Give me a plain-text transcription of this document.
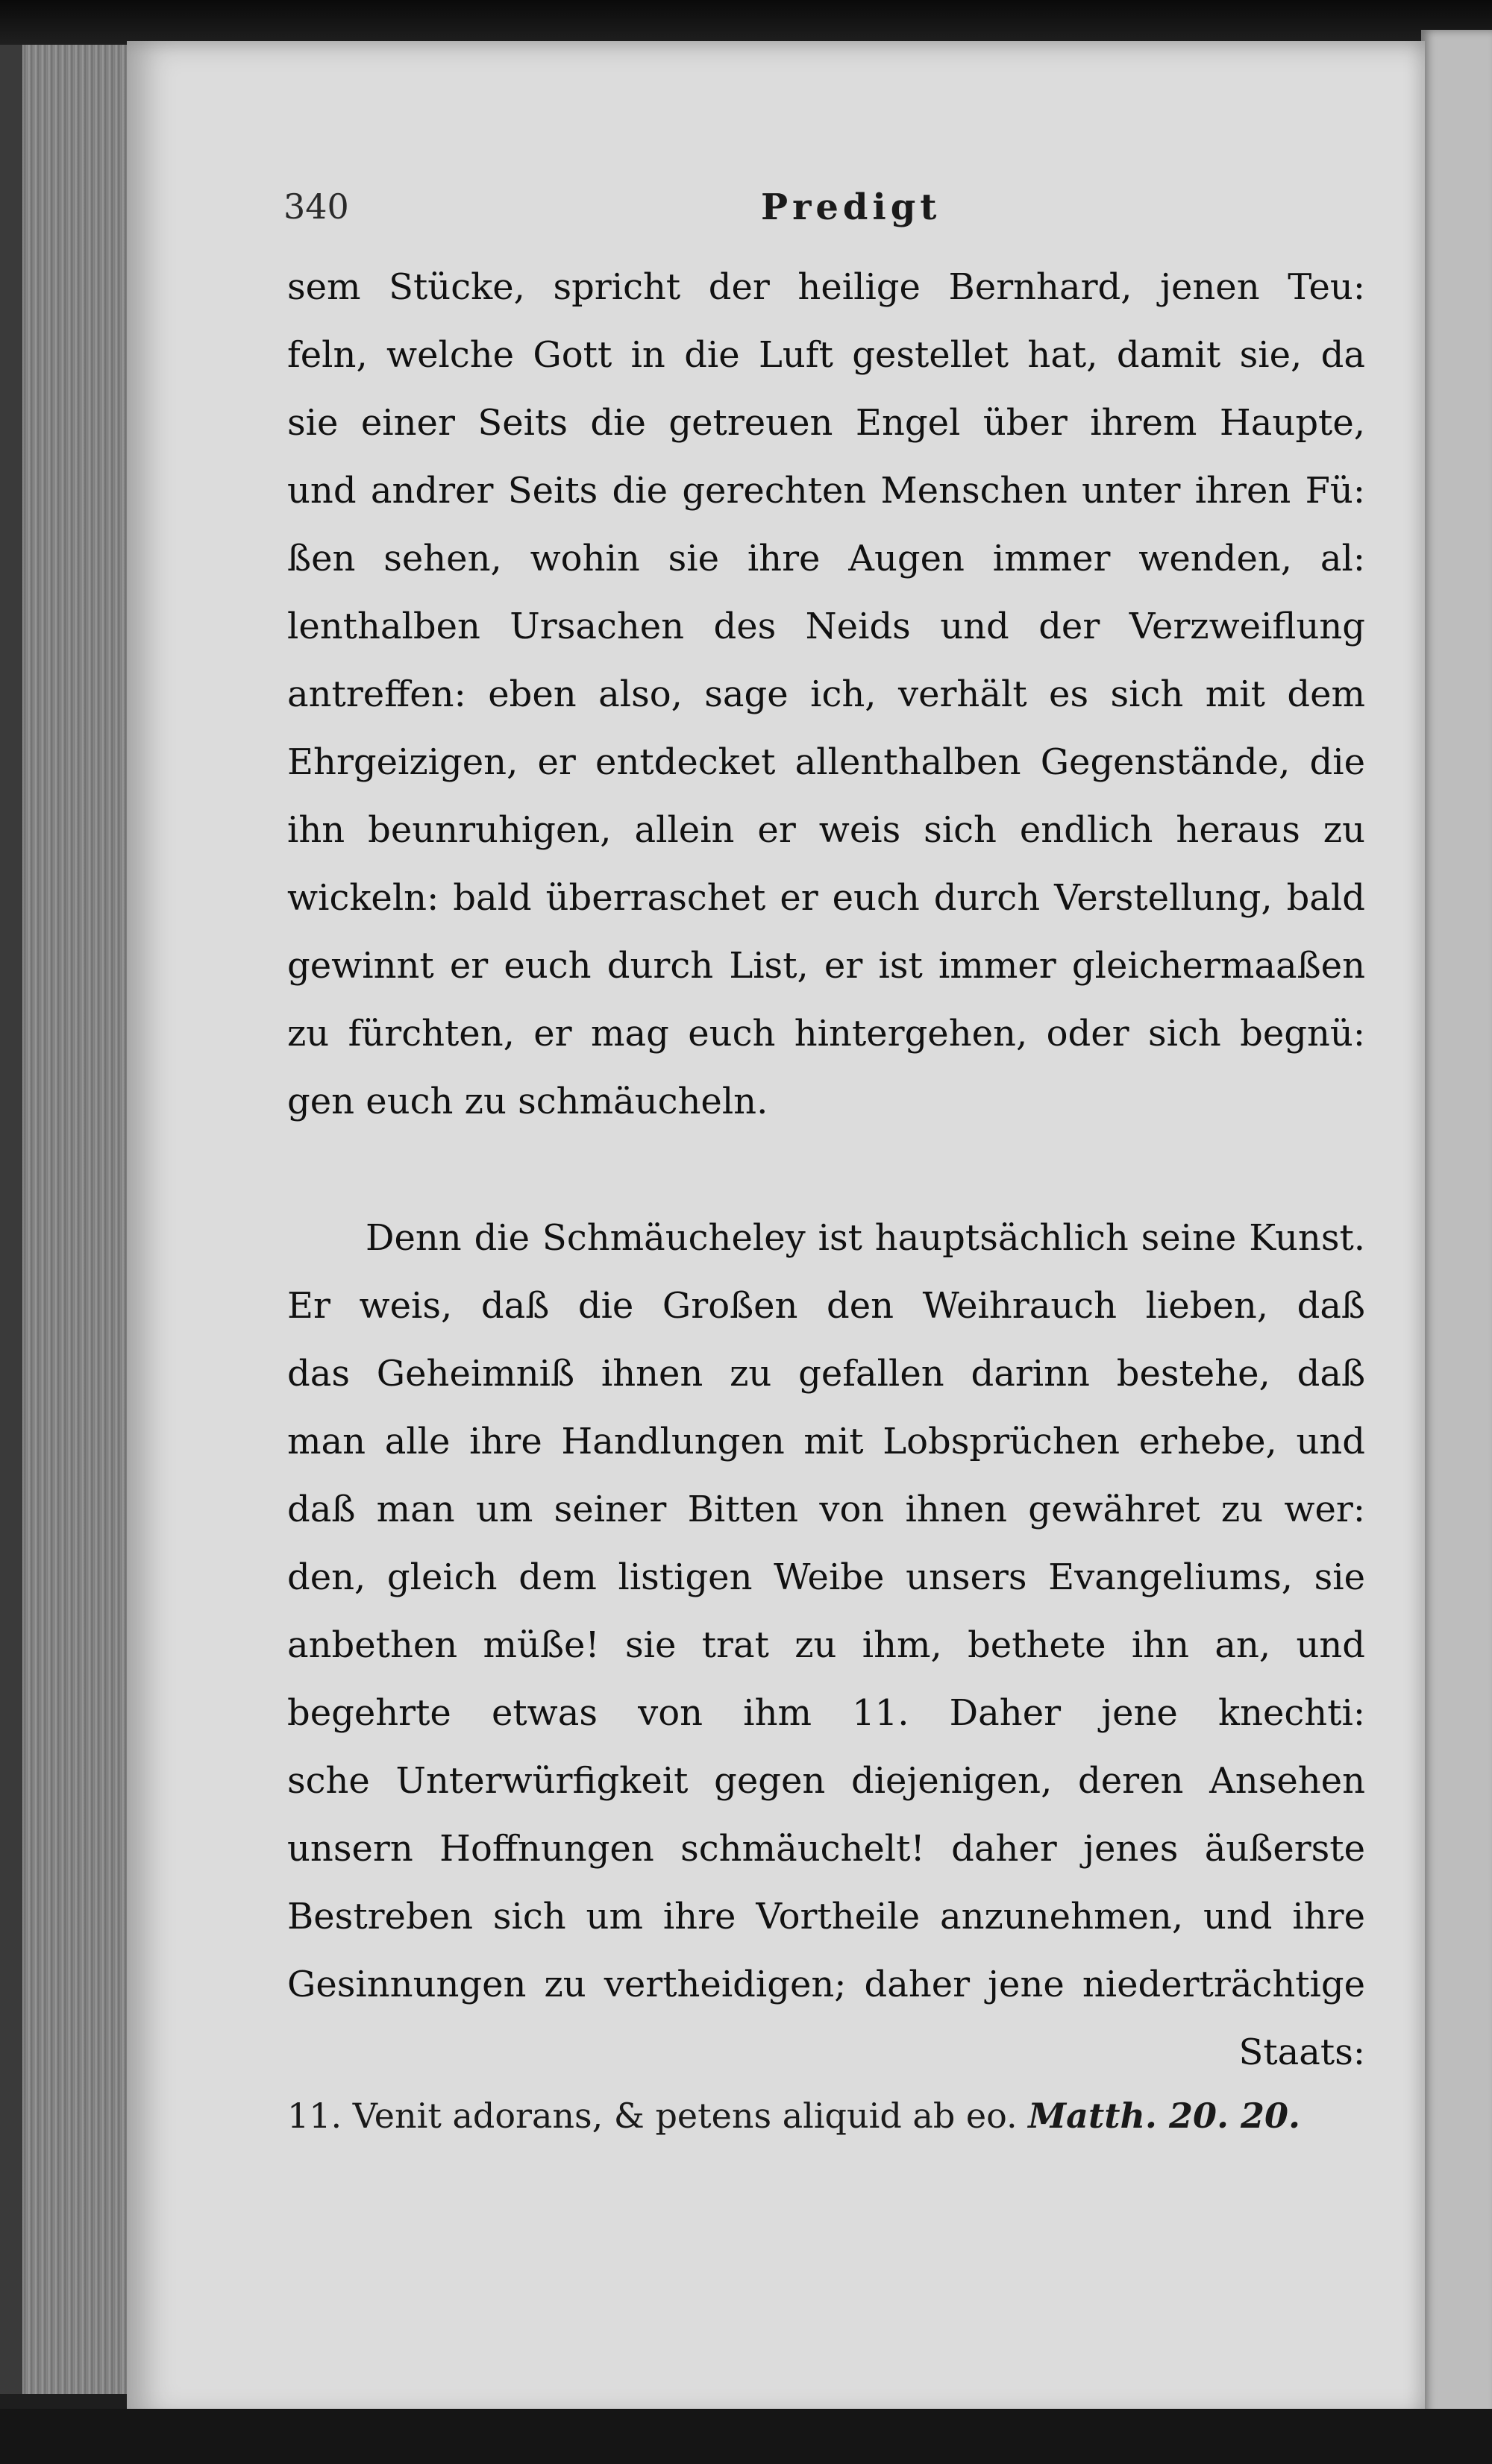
340	Predigt
sem Stücke, spricht der heilige Bernhard, jenen Teu:
feln, welche Gott in die Luft gestellet hat, damit sie, da
sie einer Seits die getreuen Engel über ihrem Haupte,
und andrer Seits die gerechten Menschen unter ihren Fü:
ßen sehen, wohin sie ihre Augen immer wenden, al:
lenthalben Ursachen des Neids und der Verzweiflung
antreffen: eben also, sage ich, verhält es sich mit dem
Ehrgeizigen, er entdecket allenthalben Gegenstände, die
ihn beunruhigen, allein er weis sich endlich heraus zu
wickeln: bald überraschet er euch durch Verstellung, bald
gewinnt er euch durch List, er ist immer gleichermaaßen
zu fürchten, er mag euch hintergehen, oder sich begnü:
gen euch zu schmäucheln.
Denn die Schmäucheley ist hauptsächlich seine Kunst.
Er weis, daß die Großen den Weihrauch lieben, daß
das Geheimniß ihnen zu gefallen darinn bestehe, daß
man alle ihre Handlungen mit Lobsprüchen erhebe, und
daß man um seiner Bitten von ihnen gewähret zu wer:
den, gleich dem listigen Weibe unsers Evangeliums, sie
anbethen müße! sie trat zu ihm, bethete ihn an, und
begehrte etwas von ihm 11. Daher jene knechti:
sche Unterwürfigkeit gegen diejenigen, deren Ansehen
unsern Hoffnungen schmäuchelt! daher jenes äußerste
Bestreben sich um ihre Vortheile anzunehmen, und ihre
Gesinnungen zu vertheidigen; daher jene niederträchtige
Staats:
11. Venit adorans, & petens aliquid ab eo. Matth. 20. 20.
